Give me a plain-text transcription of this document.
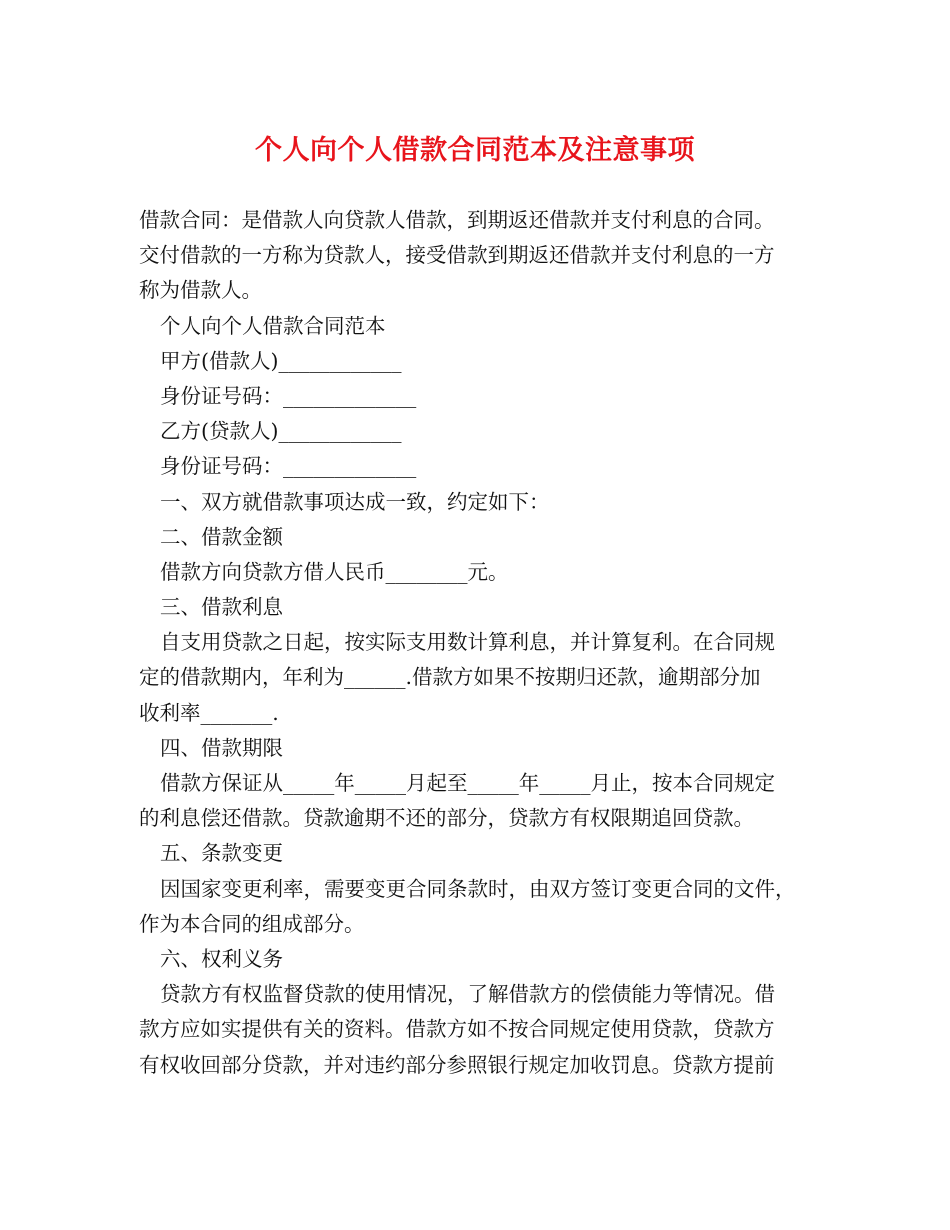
个人向个人借款合同范本及注意事项
借款合同：是借款人向贷款人借款，到期返还借款并支付利息的合同。
交付借款的一方称为贷款人，接受借款到期返还借款并支付利息的一方
称为借款人。
个人向个人借款合同范本
甲方(借款人)____________
身份证号码：_____________
乙方(贷款人)____________
身份证号码：_____________
一、双方就借款事项达成一致，约定如下：
二、借款金额
借款方向贷款方借人民币________元。
三、借款利息
自支用贷款之日起，按实际支用数计算利息，并计算复利。在合同规
定的借款期内，年利为______.借款方如果不按期归还款，逾期部分加
收利率_______.
四、借款期限
借款方保证从_____年_____月起至_____年_____月止，按本合同规定
的利息偿还借款。贷款逾期不还的部分，贷款方有权限期追回贷款。
五、条款变更
因国家变更利率，需要变更合同条款时，由双方签订变更合同的文件，
作为本合同的组成部分。
六、权利义务
贷款方有权监督贷款的使用情况，了解借款方的偿债能力等情况。借
款方应如实提供有关的资料。借款方如不按合同规定使用贷款，贷款方
有权收回部分贷款，并对违约部分参照银行规定加收罚息。贷款方提前
